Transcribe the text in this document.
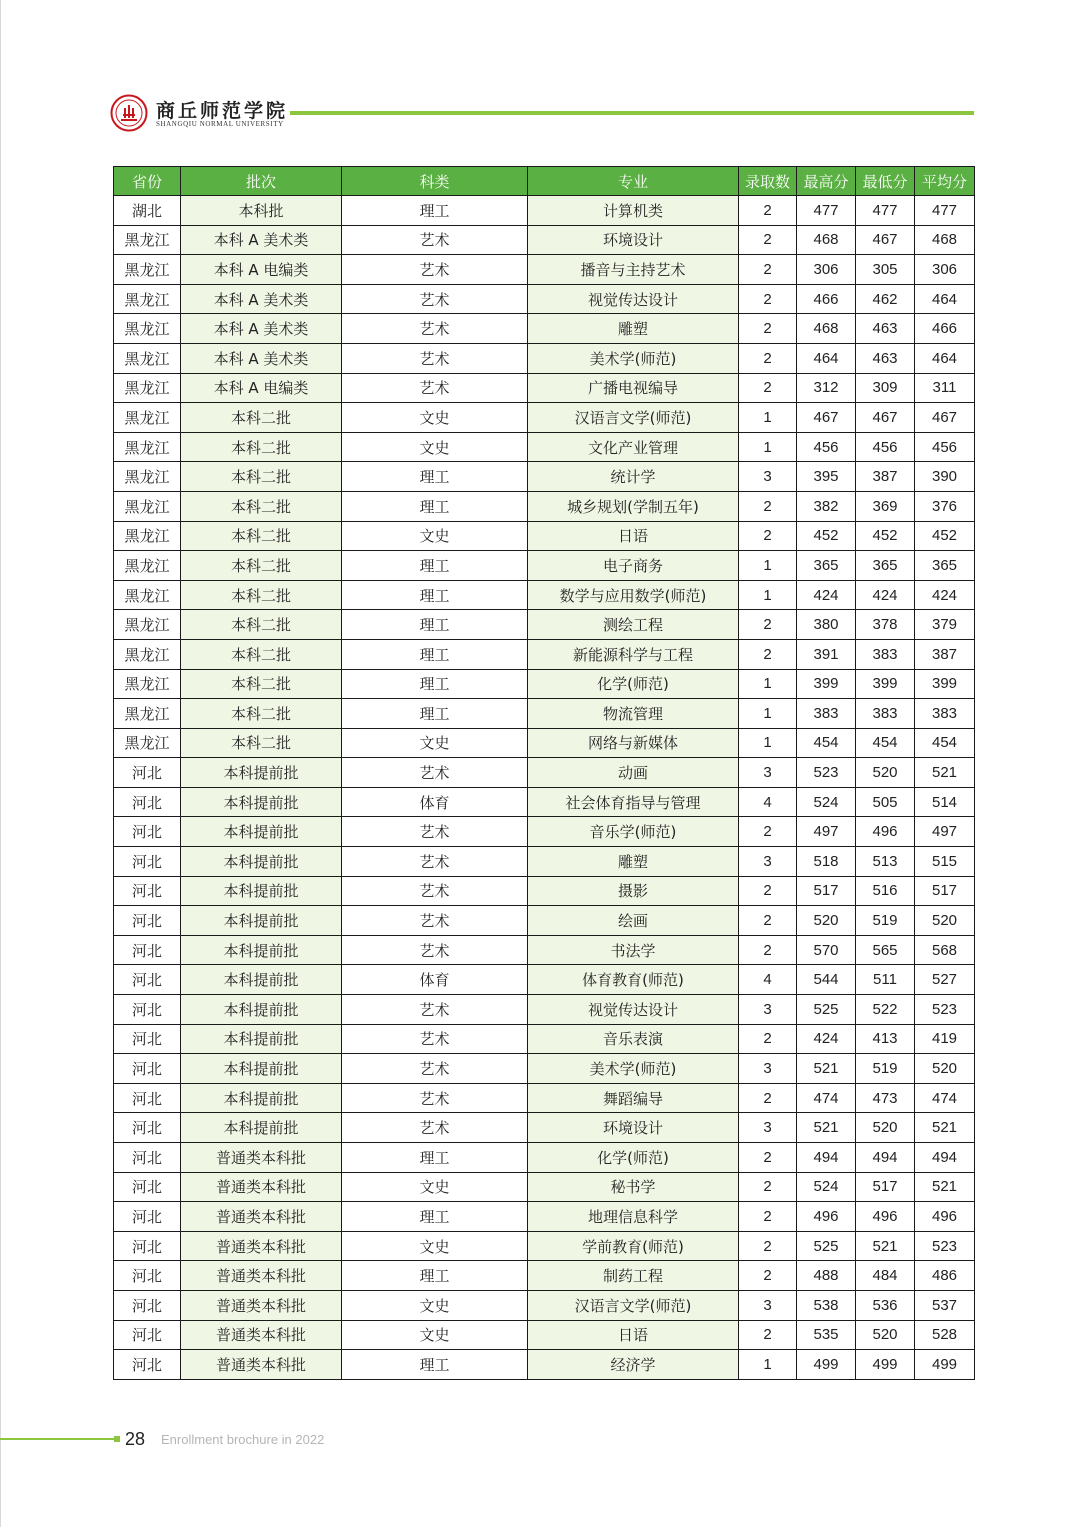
商丘师范学院
SHANGQIU NORMAL UNIVERSITY
省份	批次	科类	专业	录取数	最高分	最低分	平均分
湖北	本科批	理工	计算机类	2	477	477	477
黑龙江	本科 A 美术类	艺术	环境设计	2	468	467	468
黑龙江	本科 A 电编类	艺术	播音与主持艺术	2	306	305	306
黑龙江	本科 A 美术类	艺术	视觉传达设计	2	466	462	464
黑龙江	本科 A 美术类	艺术	雕塑	2	468	463	466
黑龙江	本科 A 美术类	艺术	美术学(师范)	2	464	463	464
黑龙江	本科 A 电编类	艺术	广播电视编导	2	312	309	311
黑龙江	本科二批	文史	汉语言文学(师范)	1	467	467	467
黑龙江	本科二批	文史	文化产业管理	1	456	456	456
黑龙江	本科二批	理工	统计学	3	395	387	390
黑龙江	本科二批	理工	城乡规划(学制五年)	2	382	369	376
黑龙江	本科二批	文史	日语	2	452	452	452
黑龙江	本科二批	理工	电子商务	1	365	365	365
黑龙江	本科二批	理工	数学与应用数学(师范)	1	424	424	424
黑龙江	本科二批	理工	测绘工程	2	380	378	379
黑龙江	本科二批	理工	新能源科学与工程	2	391	383	387
黑龙江	本科二批	理工	化学(师范)	1	399	399	399
黑龙江	本科二批	理工	物流管理	1	383	383	383
黑龙江	本科二批	文史	网络与新媒体	1	454	454	454
河北	本科提前批	艺术	动画	3	523	520	521
河北	本科提前批	体育	社会体育指导与管理	4	524	505	514
河北	本科提前批	艺术	音乐学(师范)	2	497	496	497
河北	本科提前批	艺术	雕塑	3	518	513	515
河北	本科提前批	艺术	摄影	2	517	516	517
河北	本科提前批	艺术	绘画	2	520	519	520
河北	本科提前批	艺术	书法学	2	570	565	568
河北	本科提前批	体育	体育教育(师范)	4	544	511	527
河北	本科提前批	艺术	视觉传达设计	3	525	522	523
河北	本科提前批	艺术	音乐表演	2	424	413	419
河北	本科提前批	艺术	美术学(师范)	3	521	519	520
河北	本科提前批	艺术	舞蹈编导	2	474	473	474
河北	本科提前批	艺术	环境设计	3	521	520	521
河北	普通类本科批	理工	化学(师范)	2	494	494	494
河北	普通类本科批	文史	秘书学	2	524	517	521
河北	普通类本科批	理工	地理信息科学	2	496	496	496
河北	普通类本科批	文史	学前教育(师范)	2	525	521	523
河北	普通类本科批	理工	制药工程	2	488	484	486
河北	普通类本科批	文史	汉语言文学(师范)	3	538	536	537
河北	普通类本科批	文史	日语	2	535	520	528
河北	普通类本科批	理工	经济学	1	499	499	499
28 Enrollment brochure in 2022
